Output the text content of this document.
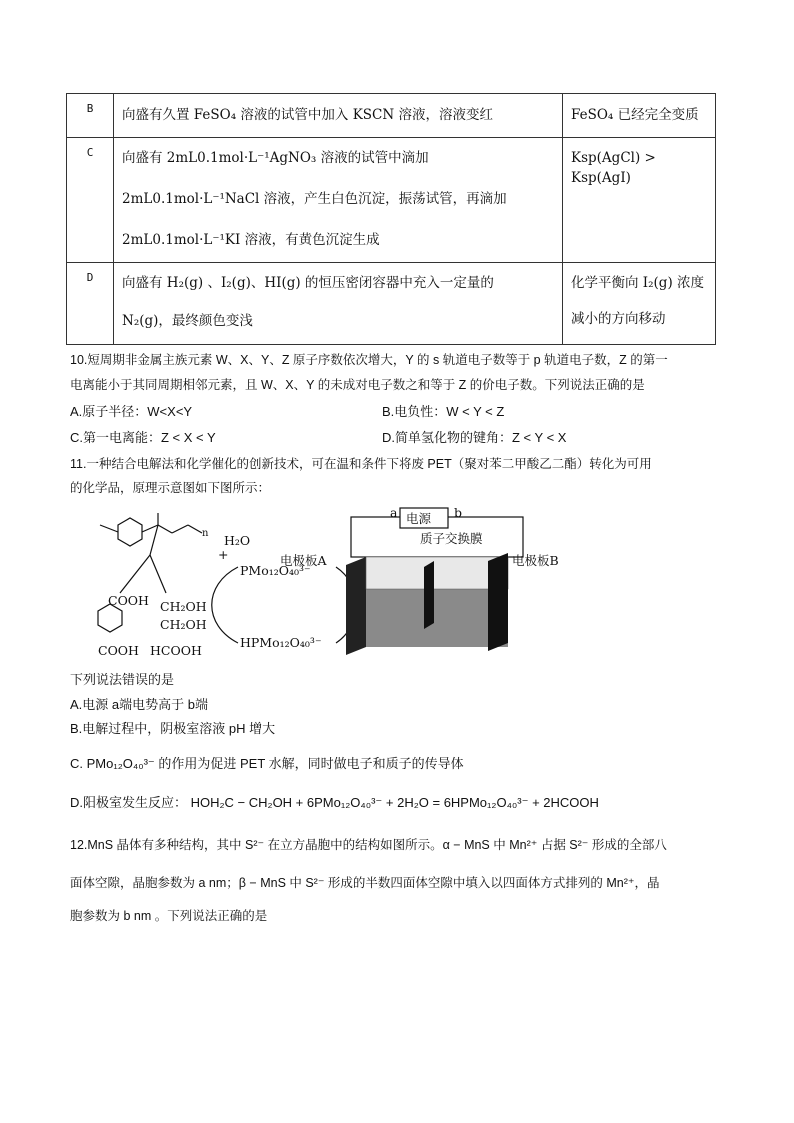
B	向盛有久置 FeSO₄ 溶液的试管中加入 KSCN 溶液，溶液变红	FeSO₄ 已经完全变质

C	向盛有 2mL0.1mol·L⁻¹AgNO₃ 溶液的试管中滴加
2mL0.1mol·L⁻¹NaCl 溶液，产生白色沉淀，振荡试管，再滴加
2mL0.1mol·L⁻¹KI 溶液，有黄色沉淀生成	Ksp(AgCl) > Ksp(AgI)

D	向盛有 H₂(g) 、I₂(g)、HI(g) 的恒压密闭容器中充入一定量的
N₂(g)，最终颜色变浅	化学平衡向 I₂(g) 浓度
减小的方向移动
10.短周期非金属主族元素 W、X、Y、Z 原子序数依次增大，Y 的 s 轨道电子数等于 p 轨道电子数，Z 的第一
电离能小于其同周期相邻元素，且 W、X、Y 的未成对电子数之和等于 Z 的价电子数。下列说法正确的是
A.原子半径：W<X<Y	B.电负性：W < Y < Z
C.第一电离能：Z < X < Y	D.简单氢化物的键角：Z < Y < X
11.一种结合电解法和化学催化的创新技术，可在温和条件下将废 PET（聚对苯二甲酸乙二酯）转化为可用
的化学品，原理示意图如下图所示：
n H₂O
+
PMo₁₂O₄₀³⁻
HPMo₁₂O₄₀³⁻
COOH
COOH
CH₂OH
CH₂OH
HCOOH
电源
a	b
质子交换膜
电极板A	电极板B
下列说法错误的是
A.电源 a端电势高于 b端
B.电解过程中，阴极室溶液 pH 增大
C. PMo₁₂O₄₀³⁻ 的作用为促进 PET 水解，同时做电子和质子的传导体
D.阳极室发生反应： HOH₂C − CH₂OH + 6PMo₁₂O₄₀³⁻ + 2H₂O = 6HPMo₁₂O₄₀³⁻ + 2HCOOH
12.MnS 晶体有多种结构，其中 S²⁻ 在立方晶胞中的结构如图所示。α − MnS 中 Mn²⁺ 占据 S²⁻ 形成的全部八
面体空隙，晶胞参数为 a nm；β − MnS 中 S²⁻ 形成的半数四面体空隙中填入以四面体方式排列的 Mn²⁺，晶
胞参数为 b nm 。下列说法正确的是
